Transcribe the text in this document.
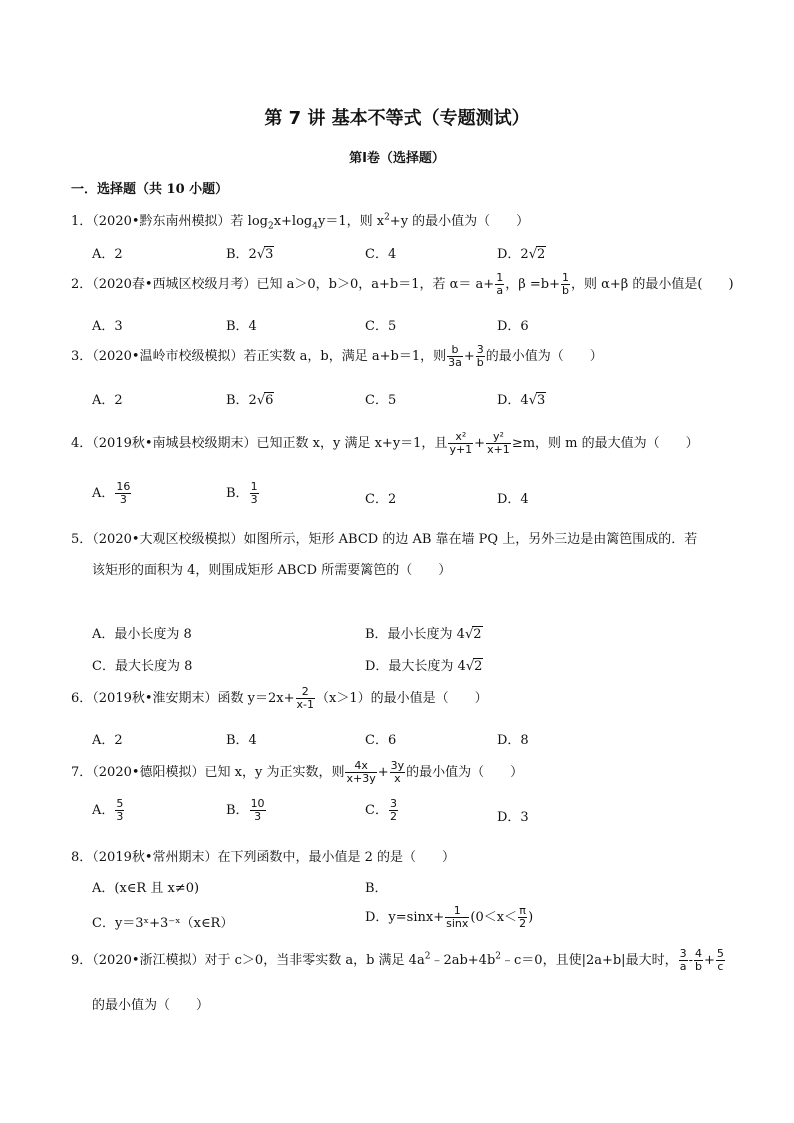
第 7 讲 基本不等式（专题测试）
第Ⅰ卷（选择题）
一．选择题（共 10 小题）
1．（2020•黔东南州模拟）若 $\log_2x+\log_4y=1$，则 $x^2+y$ 的最小值为（　　）
A．2	B．2√3	C．4	D．2√2
2．（2020春•西城区校级月考）已知 a＞0，b＞0，a+b＝1，若 $\alpha= a+ \frac{1}{a}$ ，$\beta =b+ \frac{1}{b}$ ，则 α+β 的最小值是(　　)
A．3	B．4	C．5	D．6
3．（2020•温岭市校级模拟）若正实数 a，b，满足 a+b＝1，则 $\frac{b}{3a} + \frac{3}{b}$ 的最小值为（　　）
A．2	B．2√6	C．5	D．4√3
4．（2019秋•南城县校级期末）已知正数 x，y 满足 x+y＝1，且 $\frac{\text{x²}}{y+1} + \frac{\text{y²}}{x+1} \ge m$，则 m 的最大值为（　　）
A． $\frac{16}{3}$	B． $\frac{1}{3}$	C．2	D．4
5．（2020•大观区校级模拟）如图所示，矩形 ABCD 的边 AB 靠在墙 PQ 上，另外三边是由篱笆围成的．若
该矩形的面积为 4，则围成矩形 ABCD 所需要篱笆的（　　）
A．最小长度为 8	B．最小长度为 4√2
C．最大长度为 8	D．最大长度为 4√2
6．（2019秋•淮安期末）函数 $y=2x+ \frac{2}{x-1} (x>1)$的最小值是（　　）
A．2	B．4	C．6	D．8
7．（2020•德阳模拟）已知 x，y 为正实数，则 $\frac{4x}{x+3y} + \frac{3y}{x}$ 的最小值为（　　）
A． $\frac{5}{3}$	B． $\frac{10}{3}$	C． $\frac{3}{2}$	D．3
8．（2019秋•常州期末）在下列函数中，最小值是 2 的是（　　）
A．(x∈R 且 x≠0)	B．
C．y＝3ˣ+3⁻ˣ（x∈R）	D．$y=\sin x+ \frac{1}{\sin x} (0<x< \frac{\pi}{2}$ )
9．（2020•浙江模拟）对于 c＞0，当非零实数 a，b 满足 $4a^2﹣2ab+4b^2﹣c=0$，且使|2a+b|最大时， $\frac{3}{a} - \frac{4}{b} + \frac{5}{c}$
的最小值为（　　）
